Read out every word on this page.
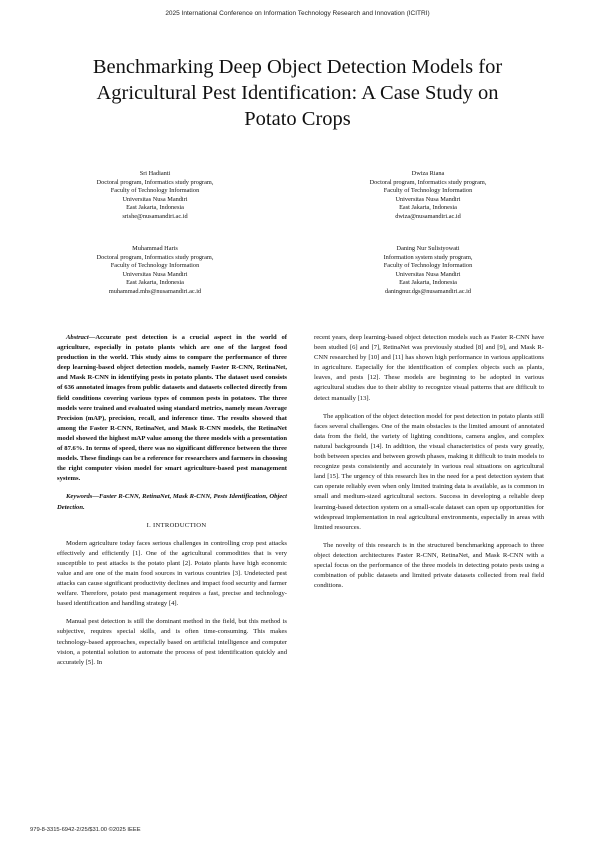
2025 International Conference on Information Technology Research and Innovation (ICITRI)
Benchmarking Deep Object Detection Models for
Agricultural Pest Identification: A Case Study on
Potato Crops
Sri Hadianti
Doctoral program, Informatics study program,
Faculty of Technology Information
Universitas Nusa Mandiri
East Jakarta, Indonesia
srishe@nusamandiri.ac.id
Dwiza Riana
Doctoral program, Informatics study program,
Faculty of Technology Information
Universitas Nusa Mandiri
East Jakarta, Indonesia
dwiza@nusamandiri.ac.id
Muhammad Haris
Doctoral program, Informatics study program,
Faculty of Technology Information
Universitas Nusa Mandiri
East Jakarta, Indonesia
muhammad.mhs@nusamandiri.ac.id
Daning Nur Sulistyowati
Information system study program,
Faculty of Technology Information
Universitas Nusa Mandiri
East Jakarta, Indonesia
daningnur.dgs@nusamandiri.ac.id

Abstract—Accurate pest detection is a crucial aspect in the world of agriculture, especially in potato plants which are one of the largest food production in the world. This study aims to compare the performance of three deep learning-based object detection models, namely Faster R-CNN, RetinaNet, and Mask R-CNN in identifying pests in potato plants. The dataset used consists of 636 annotated images from public datasets and datasets collected directly from field conditions covering various types of common pests in potatoes. The three models were trained and evaluated using standard metrics, namely mean Average Precision (mAP), precision, recall, and inference time. The results showed that among the Faster R-CNN, RetinaNet, and Mask R-CNN models, the RetinaNet model showed the highest mAP value among the three models with a presentation of 87.6%. In terms of speed, there was no significant difference between the three models. These findings can be a reference for researchers and farmers in choosing the right computer vision model for smart agriculture-based pest management systems.

Keywords—Faster R-CNN, RetinaNet, Mask R-CNN, Pests Identification, Object Detection.

I. INTRODUCTION

Modern agriculture today faces serious challenges in controlling crop pest attacks effectively and efficiently [1]. One of the agricultural commodities that is very susceptible to pest attacks is the potato plant [2]. Potato plants have high economic value and are one of the main food sources in various countries [3]. Undetected pest attacks can cause significant productivity declines and impact food security and farmer welfare. Therefore, potato pest management requires a fast, precise and technology-based identification and handling strategy [4].

Manual pest detection is still the dominant method in the field, but this method is subjective, requires special skills, and is often time-consuming. This makes technology-based approaches, especially based on artificial intelligence and computer vision, a potential solution to automate the process of pest identification quickly and accurately [5]. In

recent years, deep learning-based object detection models such as Faster R-CNN have been studied [6] and [7], RetinaNet was previously studied [8] and [9], and Mask R-CNN researched by [10] and [11] has shown high performance in various applications in agriculture. Especially for the identification of complex objects such as plants, leaves, and pests [12]. These models are beginning to be adopted in various agricultural studies due to their ability to recognize visual patterns that are difficult to detect manually [13].

The application of the object detection model for pest detection in potato plants still faces several challenges. One of the main obstacles is the limited amount of annotated data from the field, the variety of lighting conditions, camera angles, and complex natural backgrounds [14]. In addition, the visual characteristics of pests vary greatly, both between species and between growth phases, making it difficult to train models to recognize pests consistently and accurately in various real situations on agricultural land [15]. The urgency of this research lies in the need for a pest detection system that can operate reliably even when only limited training data is available, as is common in small and medium-sized agricultural sectors. Success in developing a reliable deep learning-based detection system on a small-scale dataset can open up opportunities for widespread implementation in real agricultural environments, especially in areas with limited resources.

The novelty of this research is in the structured benchmarking approach to three object detection architectures Faster R-CNN, RetinaNet, and Mask R-CNN with a special focus on the performance of the three models in detecting potato pests using a combination of public datasets and limited private datasets collected from real field conditions.

979-8-3315-6942-2/25/$31.00 ©2025 IEEE
